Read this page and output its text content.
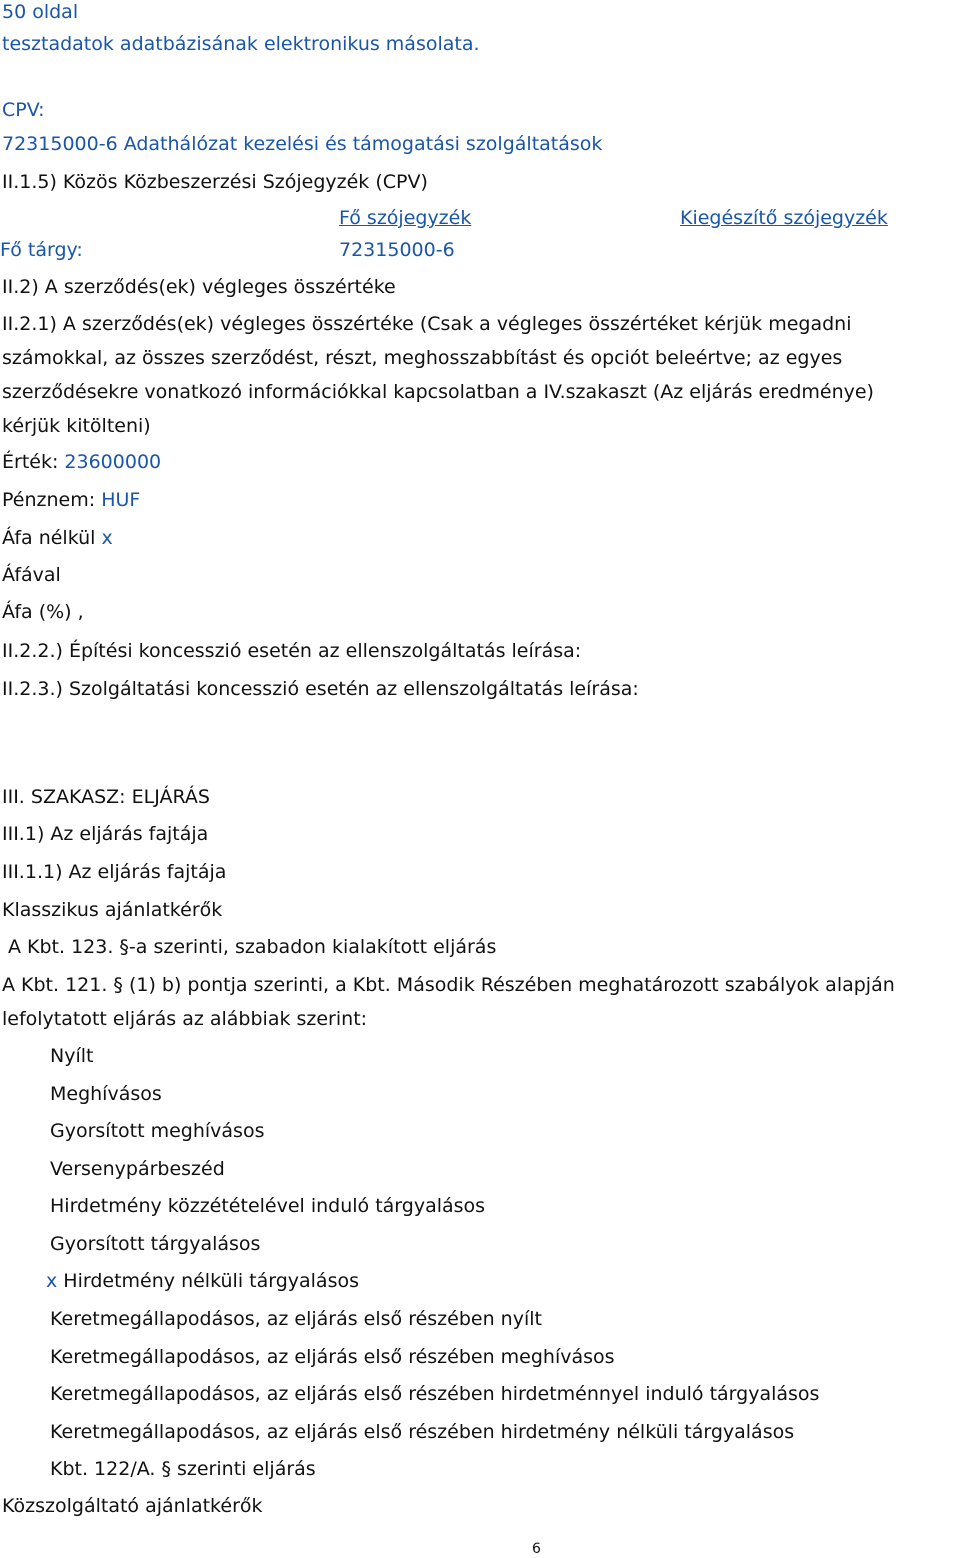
50 oldal
tesztadatok adatbázisának elektronikus másolata.
CPV:
72315000-6 Adathálózat kezelési és támogatási szolgáltatások
II.1.5) Közös Közbeszerzési Szójegyzék (CPV)
Fő szójegyzék	Kiegészítő szójegyzék
Fő tárgy:	72315000-6
II.2) A szerződés(ek) végleges összértéke
II.2.1) A szerződés(ek) végleges összértéke (Csak a végleges összértéket kérjük megadni
számokkal, az összes szerződést, részt, meghosszabbítást és opciót beleértve; az egyes
szerződésekre vonatkozó információkkal kapcsolatban a IV.szakaszt (Az eljárás eredménye)
kérjük kitölteni)
Érték: 23600000
Pénznem: HUF
Áfa nélkül x
Áfával
Áfa (%) ,
II.2.2.) Építési koncesszió esetén az ellenszolgáltatás leírása:
II.2.3.) Szolgáltatási koncesszió esetén az ellenszolgáltatás leírása:
III. SZAKASZ: ELJÁRÁS
III.1) Az eljárás fajtája
III.1.1) Az eljárás fajtája
Klasszikus ajánlatkérők
A Kbt. 123. §-a szerinti, szabadon kialakított eljárás
A Kbt. 121. § (1) b) pontja szerinti, a Kbt. Második Részében meghatározott szabályok alapján
lefolytatott eljárás az alábbiak szerint:
Nyílt
Meghívásos
Gyorsított meghívásos
Versenypárbeszéd
Hirdetmény közzétételével induló tárgyalásos
Gyorsított tárgyalásos
x Hirdetmény nélküli tárgyalásos
Keretmegállapodásos, az eljárás első részében nyílt
Keretmegállapodásos, az eljárás első részében meghívásos
Keretmegállapodásos, az eljárás első részében hirdetménnyel induló tárgyalásos
Keretmegállapodásos, az eljárás első részében hirdetmény nélküli tárgyalásos
Kbt. 122/A. § szerinti eljárás
Közszolgáltató ajánlatkérők
6
